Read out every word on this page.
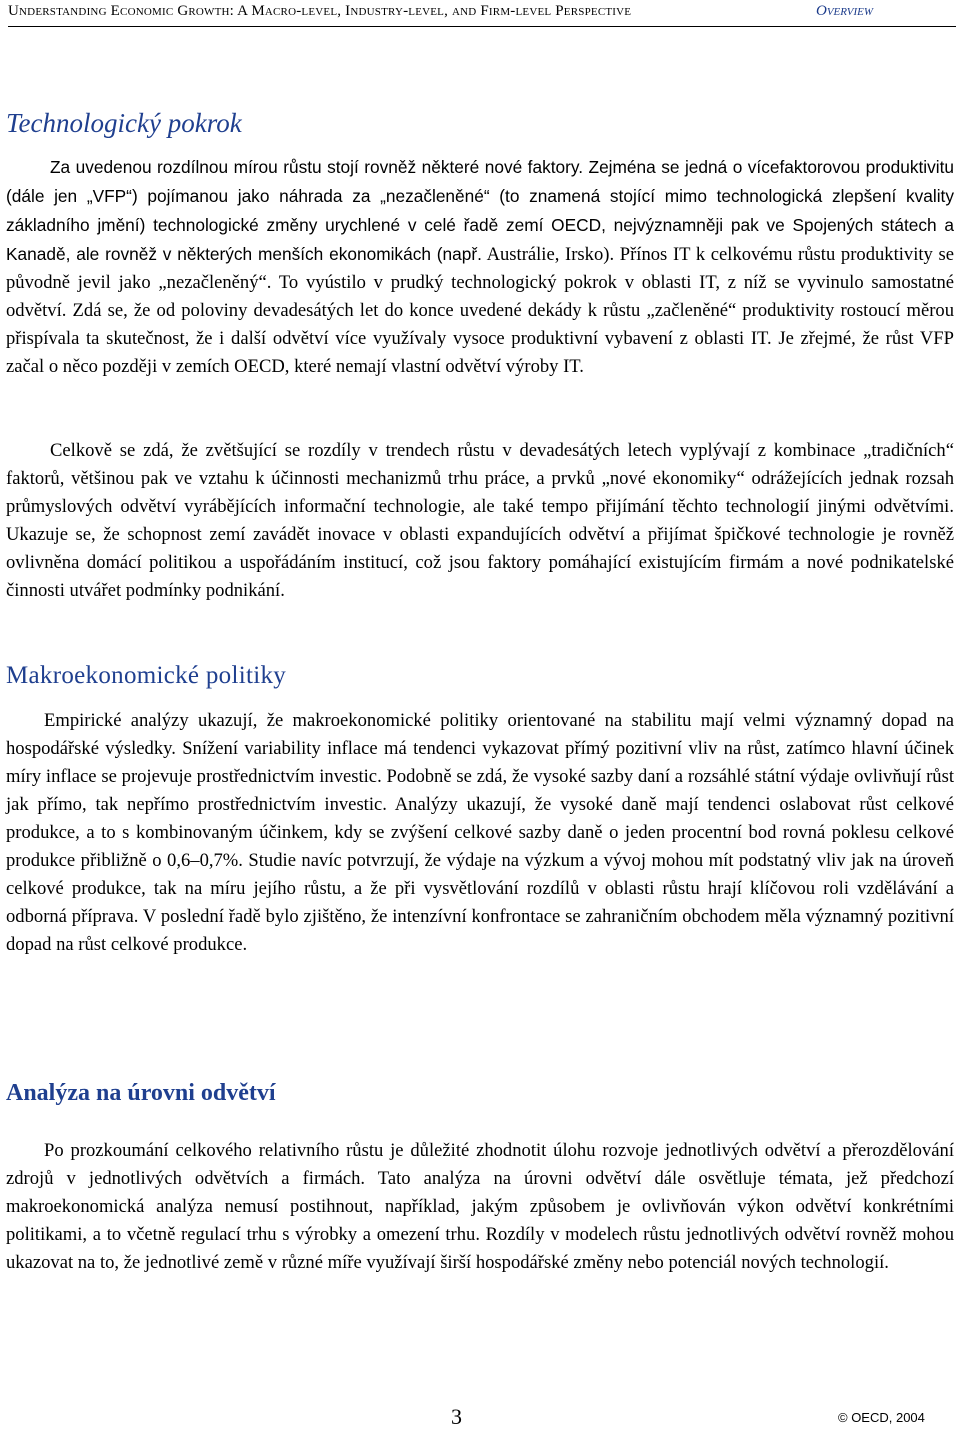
Understanding Economic Growth: A Macro-level, Industry-level, and Firm-level Perspective	Overview
Technologický pokrok

Za uvedenou rozdílnou mírou růstu stojí rovněž některé nové faktory. Zejména se jedná o vícefaktorovou produktivitu (dále jen „VFP“) pojímanou jako náhrada za „nezačleněné“ (to znamená stojící mimo technologická zlepšení kvality základního jmění) technologické změny urychlené v celé řadě zemí OECD, nejvýznamněji pak ve Spojených státech a Kanadě, ale rovněž v některých menších ekonomikách (např. Austrálie, Irsko). Přínos IT k celkovému růstu produktivity se původně jevil jako „nezačleněný“. To vyústilo v prudký technologický pokrok v oblasti IT, z níž se vyvinulo samostatné odvětví. Zdá se, že od poloviny devadesátých let do konce uvedené dekády k růstu „začleněné“ produktivity rostoucí měrou přispívala ta skutečnost, že i další odvětví více využívaly vysoce produktivní vybavení z oblasti IT. Je zřejmé, že růst VFP začal o něco později v zemích OECD, které nemají vlastní odvětví výroby IT.

Celkově se zdá, že zvětšující se rozdíly v trendech růstu v devadesátých letech vyplývají z kombinace „tradičních“ faktorů, většinou pak ve vztahu k účinnosti mechanizmů trhu práce, a prvků „nové ekonomiky“ odrážejících jednak rozsah průmyslových odvětví vyrábějících informační technologie, ale také tempo přijímání těchto technologií jinými odvětvími. Ukazuje se, že schopnost zemí zavádět inovace v oblasti expandujících odvětví a přijímat špičkové technologie je rovněž ovlivněna domácí politikou a uspořádáním institucí, což jsou faktory pomáhající existujícím firmám a nové podnikatelské činnosti utvářet podmínky podnikání.

Makroekonomické politiky

Empirické analýzy ukazují, že makroekonomické politiky orientované na stabilitu mají velmi významný dopad na hospodářské výsledky. Snížení variability inflace má tendenci vykazovat přímý pozitivní vliv na růst, zatímco hlavní účinek míry inflace se projevuje prostřednictvím investic. Podobně se zdá, že vysoké sazby daní a rozsáhlé státní výdaje ovlivňují růst jak přímo, tak nepřímo prostřednictvím investic. Analýzy ukazují, že vysoké daně mají tendenci oslabovat růst celkové produkce, a to s kombinovaným účinkem, kdy se zvýšení celkové sazby daně o jeden procentní bod rovná poklesu celkové produkce přibližně o 0,6–0,7%. Studie navíc potvrzují, že výdaje na výzkum a vývoj mohou mít podstatný vliv jak na úroveň celkové produkce, tak na míru jejího růstu, a že při vysvětlování rozdílů v oblasti růstu hrají klíčovou roli vzdělávání a odborná příprava. V poslední řadě bylo zjištěno, že intenzívní konfrontace se zahraničním obchodem měla významný pozitivní dopad na růst celkové produkce.

Analýza na úrovni odvětví

Po prozkoumání celkového relativního růstu je důležité zhodnotit úlohu rozvoje jednotlivých odvětví a přerozdělování zdrojů v jednotlivých odvětvích a firmách. Tato analýza na úrovni odvětví dále osvětluje témata, jež předchozí makroekonomická analýza nemusí postihnout, například, jakým způsobem je ovlivňován výkon odvětví konkrétními politikami, a to včetně regulací trhu s výrobky a omezení trhu. Rozdíly v modelech růstu jednotlivých odvětví rovněž mohou ukazovat na to, že jednotlivé země v různé míře využívají širší hospodářské změny nebo potenciál nových technologií.

3	© OECD, 2004
